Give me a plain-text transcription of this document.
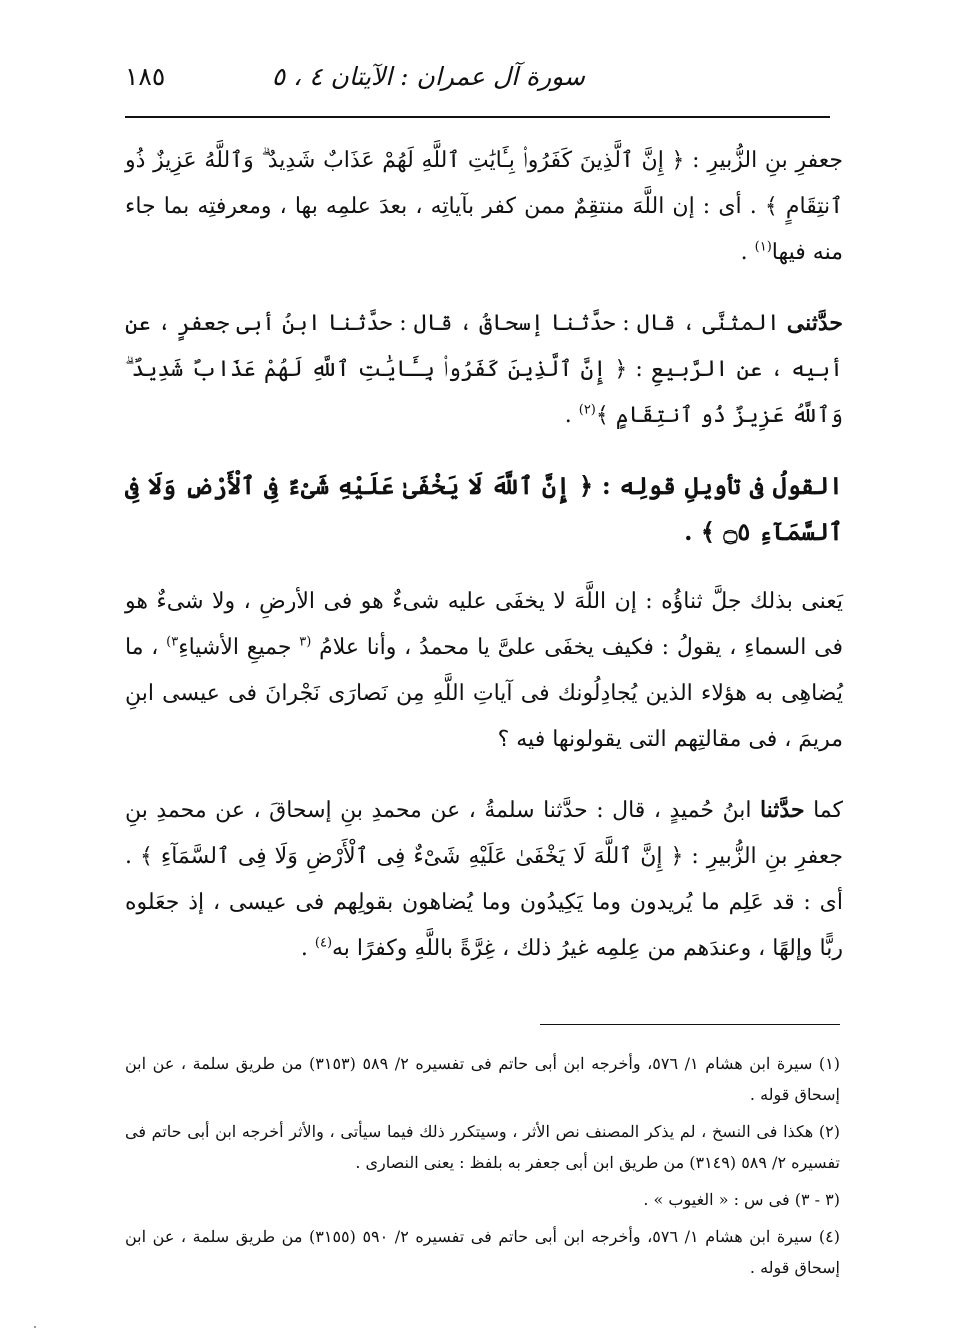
سورة آل عمران : الآيتان ٤ ، ٥
١٨٥

جعفرِ بنِ الزُّبيرِ : ﴿ إِنَّ ٱلَّذِينَ كَفَرُوا۟ بِـَٔايَٰتِ ٱللَّهِ لَهُمْ عَذَابٌ شَدِيدٌ ۗ وَٱللَّهُ عَزِيزٌ ذُو ٱنتِقَامٍ ﴾ . أى : إن اللَّهَ منتقِمٌ ممن كفر بآياتِه ، بعدَ علمِه بها ، ومعرفتِه بما جاء منه فيها$^{(١)}$ .

حدَّثنى المثنَّى ، قال : حدَّثنا إسحاقُ ، قال : حدَّثنا ابنُ أبى جعفرٍ ، عن أبيه ، عن الرَّبيعِ : ﴿ إِنَّ ٱلَّذِينَ كَفَرُوا۟ بِـَٔايَٰتِ ٱللَّهِ لَهُمْ عَذَابٌ شَدِيدٌ ۗ وَٱللَّهُ عَزِيزٌ ذُو ٱنتِقَامٍ ﴾$^{(٢)}$ .

القولُ فى تأويلِ قولِه : ﴿ إِنَّ ٱللَّهَ لَا يَخْفَىٰ عَلَيْهِ شَىْءٌ فِى ٱلْأَرْضِ وَلَا فِى ٱلسَّمَآءِ ۝٥ ﴾ .

يَعنى بذلك جلَّ ثناؤُه : إن اللَّهَ لا يخفَى عليه شىءٌ هو فى الأرضِ ، ولا شىءٌ هو فى السماءِ ، يقولُ : فكيف يخفَى علىَّ يا محمدُ ، وأنا علامُ $^{(٣}$ جميعِ الأشياءِ$^{٣)}$ ، ما يُضاهِى به هؤلاء الذين يُجادِلُونك فى آياتِ اللَّهِ مِن نَصارَى نَجْرانَ فى عيسى ابنِ مريمَ ، فى مقالتِهم التى يقولونها فيه ؟

كما حدَّثنا ابنُ حُميدٍ ، قال : حدَّثنا سلمةُ ، عن محمدِ بنِ إسحاقَ ، عن محمدِ بنِ جعفرِ بنِ الزُّبيرِ : ﴿ إِنَّ ٱللَّهَ لَا يَخْفَىٰ عَلَيْهِ شَىْءٌ فِى ٱلْأَرْضِ وَلَا فِى ٱلسَّمَآءِ ﴾ . أى : قد عَلِم ما يُريدون وما يَكِيدُون وما يُضاهون بقولِهم فى عيسى ، إذ جعَلوه ربًّا وإلهًا ، وعندَهم من عِلمِه غيرُ ذلك ، غِرَّةً باللَّهِ وكفرًا به$^{(٤)}$ .

(١) سيرة ابن هشام ١/ ٥٧٦، وأخرجه ابن أبى حاتم فى تفسيره ٢/ ٥٨٩ (٣١٥٣) من طريق سلمة ، عن ابن إسحاق قوله .

(٢) هكذا فى النسخ ، لم يذكر المصنف نص الأثر ، وسيتكرر ذلك فيما سيأتى ، والأثر أخرجه ابن أبى حاتم فى تفسيره ٢/ ٥٨٩ (٣١٤٩) من طريق ابن أبى جعفر به بلفظ : يعنى النصارى .

(٣ - ٣) فى س : « الغيوب » .

(٤) سيرة ابن هشام ١/ ٥٧٦، وأخرجه ابن أبى حاتم فى تفسيره ٢/ ٥٩٠ (٣١٥٥) من طريق سلمة ، عن ابن إسحاق قوله .
